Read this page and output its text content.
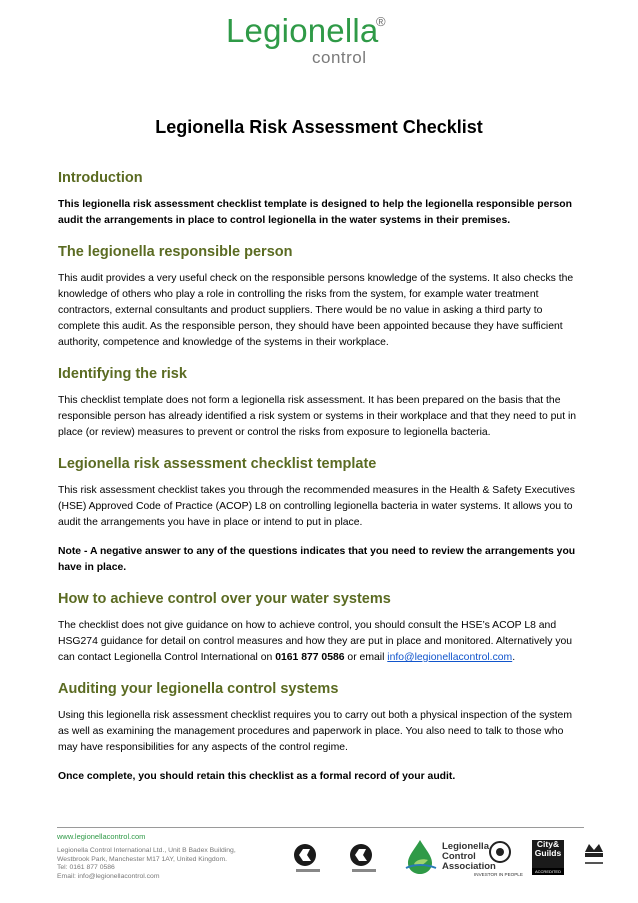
Legionella
®
control
Legionella Risk Assessment Checklist
Introduction

This legionella risk assessment checklist template is designed to help the legionella responsible person audit the arrangements in place to control legionella in the water systems in their premises.

The legionella responsible person

This audit provides a very useful check on the responsible persons knowledge of the systems. It also checks the knowledge of others who play a role in controlling the risks from the system, for example water treatment contractors, external consultants and product suppliers. There would be no value in asking a third party to complete this audit. As the responsible person, they should have been appointed because they have sufficient authority, competence and knowledge of the systems in their workplace.

Identifying the risk

This checklist template does not form a legionella risk assessment. It has been prepared on the basis that the responsible person has already identified a risk system or systems in their workplace and that they need to put in place (or review) measures to prevent or control the risks from exposure to legionella bacteria.

Legionella risk assessment checklist template

This risk assessment checklist takes you through the recommended measures in the Health & Safety Executives (HSE) Approved Code of Practice (ACOP) L8 on controlling legionella bacteria in water systems. It allows you to audit the arrangements you have in place or intend to put in place.

Note - A negative answer to any of the questions indicates that you need to review the arrangements you have in place.

How to achieve control over your water systems

The checklist does not give guidance on how to achieve control, you should consult the HSE’s ACOP L8 and HSG274 guidance for detail on control measures and how they are put in place and monitored. Alternatively you can contact Legionella Control International on 0161 877 0586 or email info@legionellacontrol.com.

Auditing your legionella control systems

Using this legionella risk assessment checklist requires you to carry out both a physical inspection of the system as well as examining the management procedures and paperwork in place. You also need to talk to those who may have responsibilities for any aspects of the control regime.

Once complete, you should retain this checklist as a formal record of your audit.

www.legionellacontrol.com
Legionella Control International Ltd., Unit B Badex Building,
Westbrook Park, Manchester M17 1AY, United Kingdom.
Tel: 0161 877 0586
Email: info@legionellacontrol.com
Legionella
Control
Association
INVESTOR IN PEOPLE
City&
Guilds
ACCREDITED
